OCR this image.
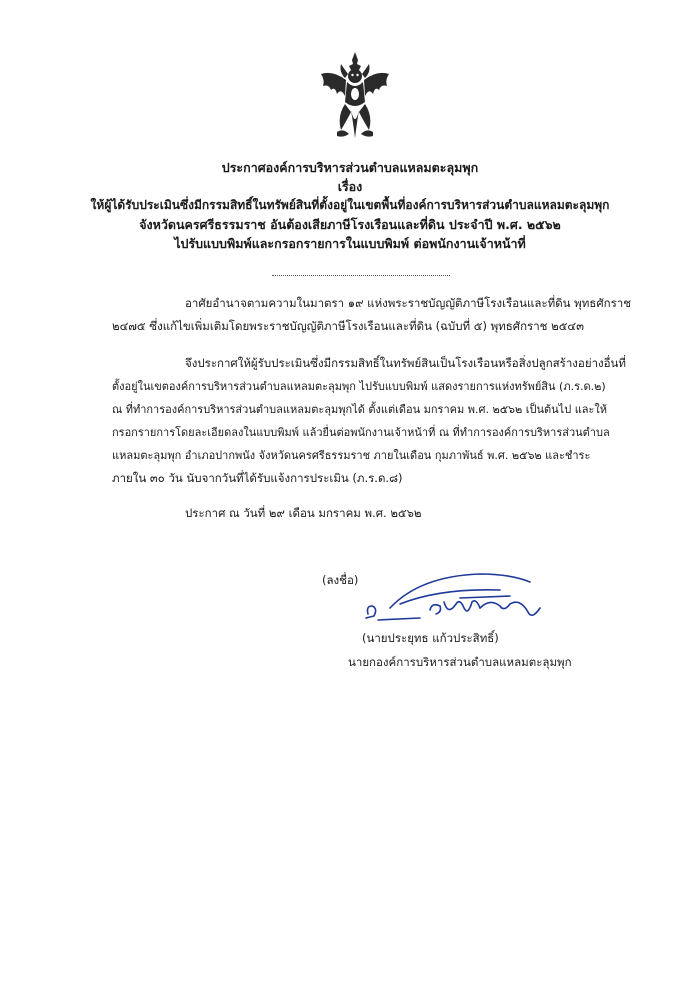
ประกาศองค์การบริหารส่วนตำบลแหลมตะลุมพุก
เรื่อง
ให้ผู้ได้รับประเมินซึ่งมีกรรมสิทธิ์ในทรัพย์สินที่ตั้งอยู่ในเขตพื้นที่องค์การบริหารส่วนตำบลแหลมตะลุมพุก
จังหวัดนครศรีธรรมราช อันต้องเสียภาษีโรงเรือนและที่ดิน ประจำปี พ.ศ. ๒๕๖๒
ไปรับแบบพิมพ์และกรอกรายการในแบบพิมพ์ ต่อพนักงานเจ้าหน้าที่
อาศัยอำนาจตามความในมาตรา ๑๙ แห่งพระราชบัญญัติภาษีโรงเรือนและที่ดิน พุทธศักราช
๒๔๗๕ ซึ่งแก้ไขเพิ่มเติมโดยพระราชบัญญัติภาษีโรงเรือนและที่ดิน (ฉบับที่ ๕) พุทธศักราช ๒๕๔๓
จึงประกาศให้ผู้รับประเมินซึ่งมีกรรมสิทธิ์ในทรัพย์สินเป็นโรงเรือนหรือสิ่งปลูกสร้างอย่างอื่นที่
ตั้งอยู่ในเขตองค์การบริหารส่วนตำบลแหลมตะลุมพุก ไปรับแบบพิมพ์ แสดงรายการแห่งทรัพย์สิน (ภ.ร.ด.๒)
ณ ที่ทำการองค์การบริหารส่วนตำบลแหลมตะลุมพุกได้ ตั้งแต่เดือน มกราคม พ.ศ. ๒๕๖๒ เป็นต้นไป และให้
กรอกรายการโดยละเอียดลงในแบบพิมพ์ แล้วยื่นต่อพนักงานเจ้าหน้าที่ ณ ที่ทำการองค์การบริหารส่วนตำบล
แหลมตะลุมพุก อำเภอปากพนัง จังหวัดนครศรีธรรมราช ภายในเดือน กุมภาพันธ์ พ.ศ. ๒๕๖๒ และชำระ
ภายใน ๓๐ วัน นับจากวันที่ได้รับแจ้งการประเมิน (ภ.ร.ด.๘)
ประกาศ ณ วันที่ ๒๙ เดือน มกราคม พ.ศ. ๒๕๖๒
(ลงชื่อ)
(นายประยุทธ แก้วประสิทธิ์)
นายกองค์การบริหารส่วนตำบลแหลมตะลุมพุก
